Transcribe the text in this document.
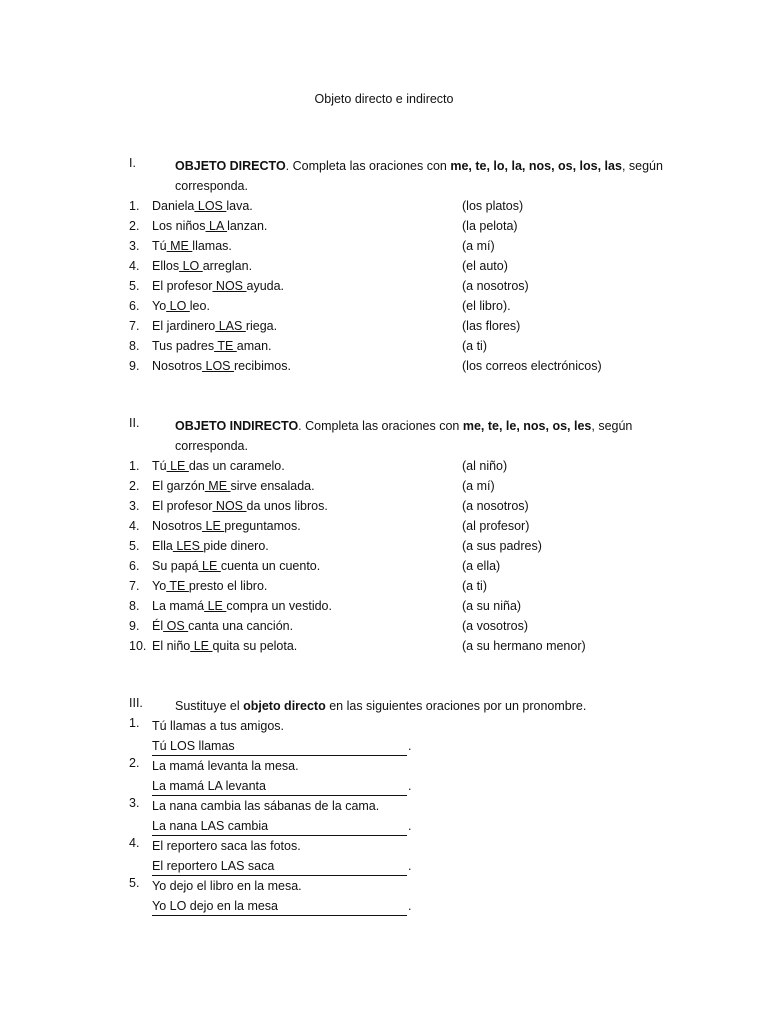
Objeto directo e indirecto
I.	OBJETO DIRECTO. Completa las oraciones con me, te, lo, la, nos, os, los, las, según
corresponda.
1. Daniela LOS lava.	(los platos)
2. Los niños LA lanzan.	(la pelota)
3. Tú ME llamas.	(a mí)
4. Ellos LO arreglan.	(el auto)
5. El profesor NOS ayuda.	(a nosotros)
6. Yo LO leo.	(el libro).
7. El jardinero LAS riega.	(las flores)
8. Tus padres TE aman.	(a ti)
9. Nosotros LOS recibimos.	(los correos electrónicos)
II.	OBJETO INDIRECTO. Completa las oraciones con me, te, le, nos, os, les, según
corresponda.
1. Tú LE das un caramelo.	(al niño)
2. El garzón ME sirve ensalada.	(a mí)
3. El profesor NOS da unos libros.	(a nosotros)
4. Nosotros LE preguntamos.	(al profesor)
5. Ella LES pide dinero.	(a sus padres)
6. Su papá LE cuenta un cuento.	(a ella)
7. Yo TE presto el libro.	(a ti)
8. La mamá LE compra un vestido.	(a su niña)
9. Él OS canta una canción.	(a vosotros)
10. El niño LE quita su pelota.	(a su hermano menor)
III.	Sustituye el objeto directo en las siguientes oraciones por un pronombre.
1. Tú llamas a tus amigos.
Tú LOS llamas	.
2. La mamá levanta la mesa.
La mamá LA levanta	.
3. La nana cambia las sábanas de la cama.
La nana LAS cambia	.
4. El reportero saca las fotos.
El reportero LAS saca	.
5. Yo dejo el libro en la mesa.
Yo LO dejo en la mesa	.
